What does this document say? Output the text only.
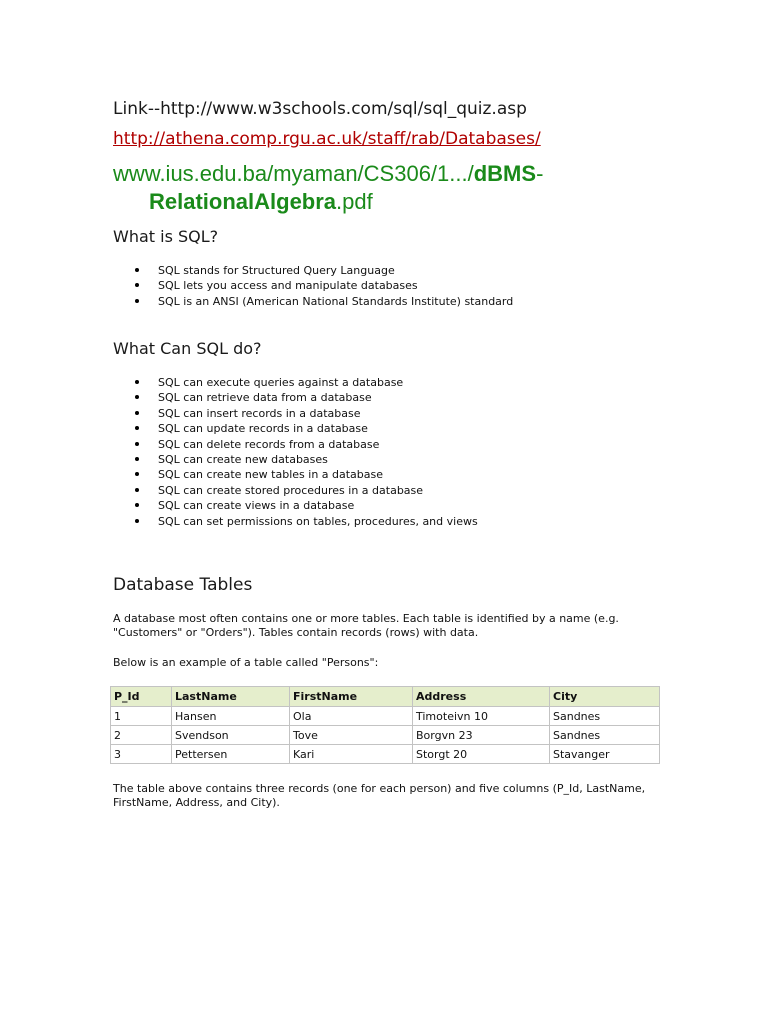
Link--http://www.w3schools.com/sql/sql_quiz.asp
http://athena.comp.rgu.ac.uk/staff/rab/Databases/
www.ius.edu.ba/myaman/CS306/1.../dBMS-
RelationalAlgebra.pdf
What is SQL?
SQL stands for Structured Query Language
SQL lets you access and manipulate databases
SQL is an ANSI (American National Standards Institute) standard
What Can SQL do?
SQL can execute queries against a database
SQL can retrieve data from a database
SQL can insert records in a database
SQL can update records in a database
SQL can delete records from a database
SQL can create new databases
SQL can create new tables in a database
SQL can create stored procedures in a database
SQL can create views in a database
SQL can set permissions on tables, procedures, and views
Database Tables

A database most often contains one or more tables. Each table is identified by a name (e.g. "Customers" or "Orders"). Tables contain records (rows) with data.

Below is an example of a table called "Persons":

P_Id	LastName	FirstName	Address	City
1	Hansen	Ola	Timoteivn 10	Sandnes
2	Svendson	Tove	Borgvn 23	Sandnes
3	Pettersen	Kari	Storgt 20	Stavanger

The table above contains three records (one for each person) and five columns (P_Id, LastName, FirstName, Address, and City).
